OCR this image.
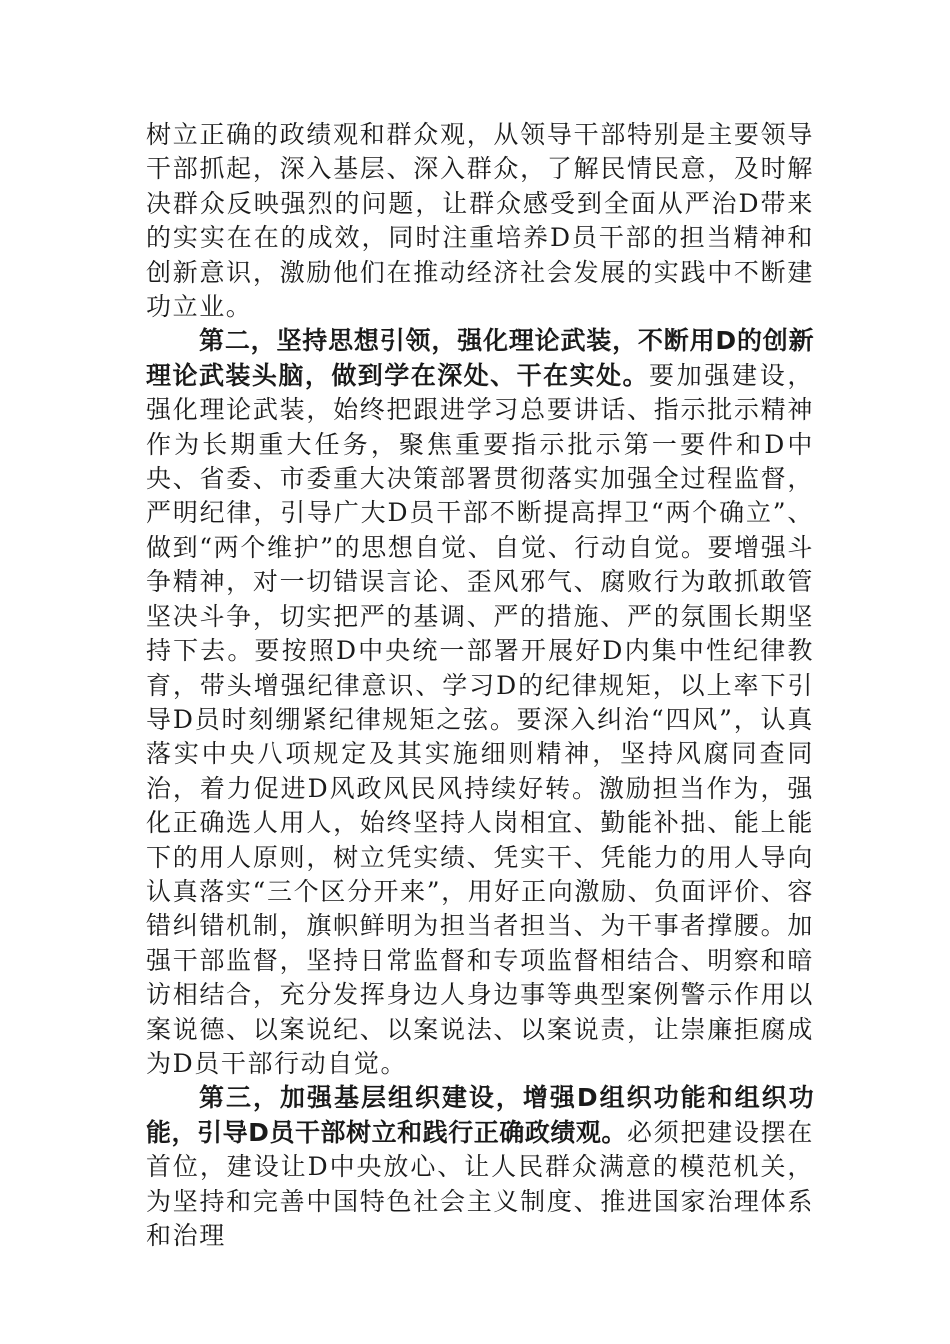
树立正确的政绩观和群众观，从领导干部特别是主要领导干部抓起，深入基层、深入群众，了解民情民意，及时解决群众反映强烈的问题，让群众感受到全面从严治D带来的实实在在的成效，同时注重培养D员干部的担当精神和创新意识，激励他们在推动经济社会发展的实践中不断建功立业。

第二，坚持思想引领，强化理论武装，不断用D的创新理论武装头脑，做到学在深处、干在实处。要加强建设，强化理论武装，始终把跟进学习总要讲话、指示批示精神作为长期重大任务，聚焦重要指示批示第一要件和D中央、省委、市委重大决策部署贯彻落实加强全过程监督，严明纪律，引导广大D员干部不断提高捍卫“两个确立”、做到“两个维护”的思想自觉、自觉、行动自觉。要增强斗争精神，对一切错误言论、歪风邪气、腐败行为敢抓敢管坚决斗争，切实把严的基调、严的措施、严的氛围长期坚持下去。要按照D中央统一部署开展好D内集中性纪律教育，带头增强纪律意识、学习D的纪律规矩，以上率下引导D员时刻绷紧纪律规矩之弦。要深入纠治“四风”，认真落实中央八项规定及其实施细则精神，坚持风腐同查同治，着力促进D风政风民风持续好转。激励担当作为，强化正确选人用人，始终坚持人岗相宜、勤能补拙、能上能下的用人原则，树立凭实绩、凭实干、凭能力的用人导向认真落实“三个区分开来”，用好正向激励、负面评价、容错纠错机制，旗帜鲜明为担当者担当、为干事者撑腰。加强干部监督，坚持日常监督和专项监督相结合、明察和暗访相结合，充分发挥身边人身边事等典型案例警示作用以案说德、以案说纪、以案说法、以案说责，让崇廉拒腐成为D员干部行动自觉。

第三，加强基层组织建设，增强D组织功能和组织功能，引导D员干部树立和践行正确政绩观。必须把建设摆在首位，建设让D中央放心、让人民群众满意的模范机关，为坚持和完善中国特色社会主义制度、推进国家治理体系和治理
